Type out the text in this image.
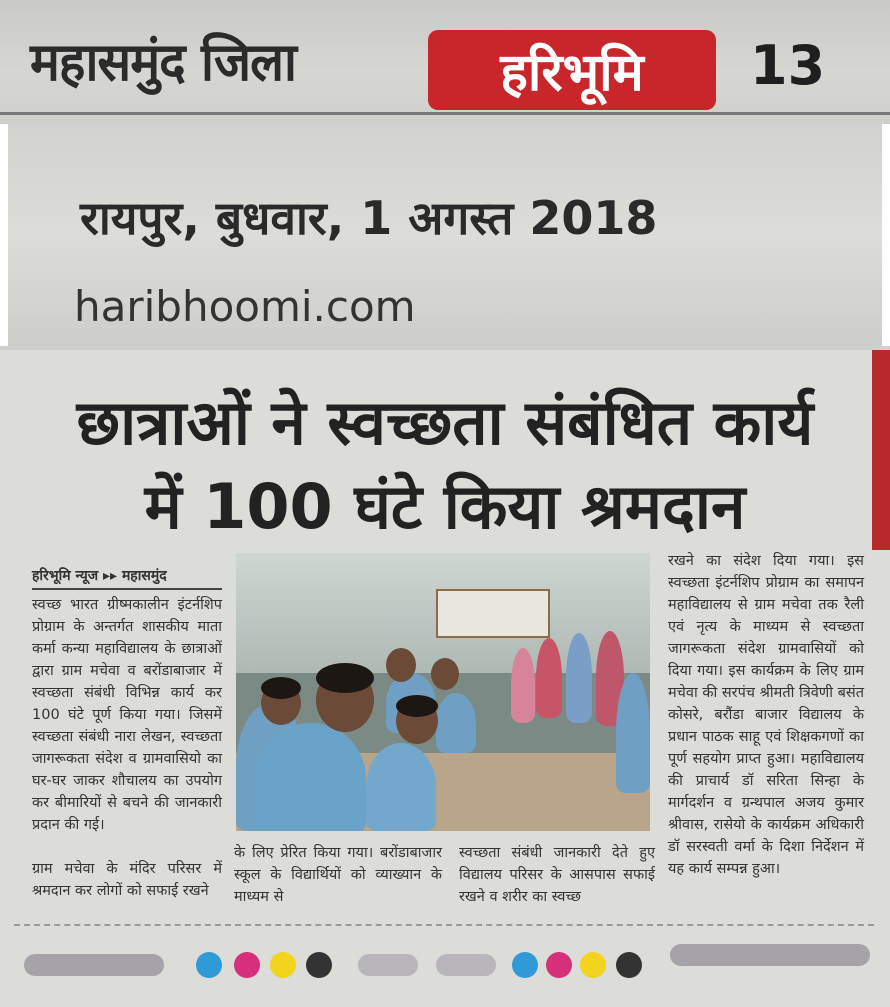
महासमुंद जिला	हरिभूमि	13
रायपुर, बुधवार, 1 अगस्त 2018
haribhoomi.com
छात्राओं ने स्वच्छता संबंधित कार्य
में 100 घंटे किया श्रमदान
हरिभूमि न्यूज ▸▸ महासमुंद
स्वच्छ भारत ग्रीष्मकालीन इंटर्नशिप प्रोग्राम के अन्तर्गत शासकीय माता कर्मा कन्या महाविद्यालय के छात्राओं द्वारा ग्राम मचेवा व बरोंडाबाजार में स्वच्छता संबंधी विभिन्न कार्य कर 100 घंटे पूर्ण किया गया। जिसमें स्वच्छता संबंधी नारा लेखन, स्वच्छता जागरूकता संदेश व ग्रामवासियो का घर-घर जाकर शौचालय का उपयोग कर बीमारियों से बचने की जानकारी प्रदान की गई।
ग्राम मचेवा के मंदिर परिसर में श्रमदान कर लोगों को सफाई रखने
के लिए प्रेरित किया गया। बरोंडाबाजार स्कूल के विद्यार्थियों को व्याख्यान के माध्यम से
स्वच्छता संबंधी जानकारी देते हुए विद्यालय परिसर के आसपास सफाई रखने व शरीर का स्वच्छ
रखने का संदेश दिया गया। इस स्वच्छता इंटर्नशिप प्रोग्राम का समापन महाविद्यालय से ग्राम मचेवा तक रैली एवं नृत्य के माध्यम से स्वच्छता जागरूकता संदेश ग्रामवासियों को दिया गया। इस कार्यक्रम के लिए ग्राम मचेवा की सरपंच श्रीमती त्रिवेणी बसंत कोसरे, बरौंडा बाजार विद्यालय के प्रधान पाठक साहू एवं शिक्षकगणों का पूर्ण सहयोग प्राप्त हुआ। महाविद्यालय की प्राचार्य डॉ सरिता सिन्हा के मार्गदर्शन व ग्रन्थपाल अजय कुमार श्रीवास, रासेयो के कार्यक्रम अधिकारी डॉ सरस्वती वर्मा के दिशा निर्देशन में यह कार्य सम्पन्न हुआ।
